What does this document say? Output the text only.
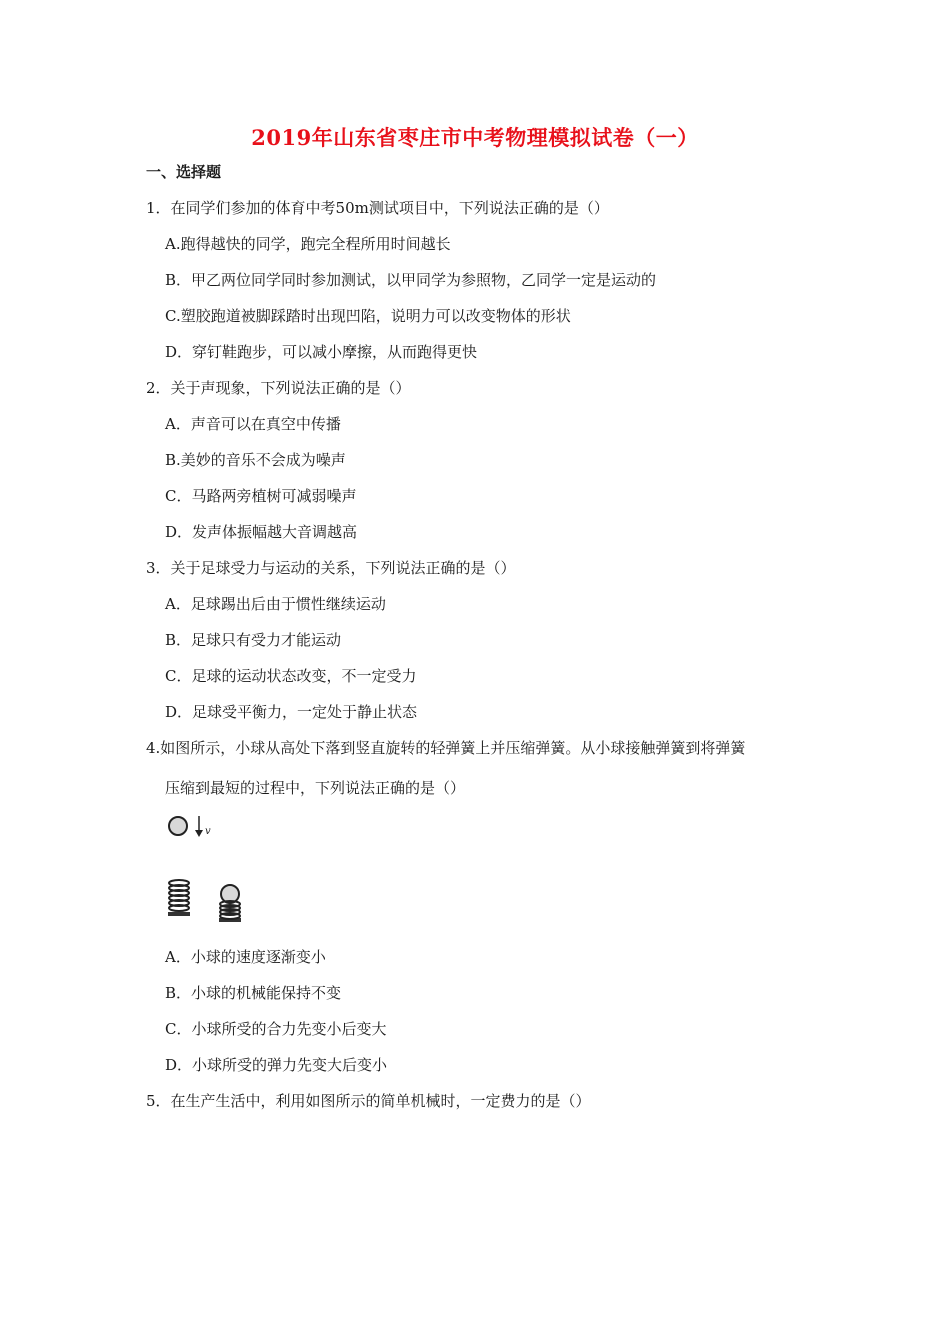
2019年山东省枣庄市中考物理模拟试卷（一）
一、选择题
1．在同学们参加的体育中考50m测试项目中，下列说法正确的是（）
A.跑得越快的同学，跑完全程所用时间越长
B．甲乙两位同学同时参加测试，以甲同学为参照物，乙同学一定是运动的
C.塑胶跑道被脚踩踏时出现凹陷，说明力可以改变物体的形状
D．穿钉鞋跑步，可以减小摩擦，从而跑得更快
2．关于声现象，下列说法正确的是（）
A．声音可以在真空中传播
B.美妙的音乐不会成为噪声
C．马路两旁植树可减弱噪声
D．发声体振幅越大音调越高
3．关于足球受力与运动的关系，下列说法正确的是（）
A．足球踢出后由于惯性继续运动
B．足球只有受力才能运动
C．足球的运动状态改变，不一定受力
D．足球受平衡力，一定处于静止状态
4.如图所示，小球从高处下落到竖直旋转的轻弹簧上并压缩弹簧。从小球接触弹簧到将弹簧
压缩到最短的过程中，下列说法正确的是（）
v
A．小球的速度逐渐变小
B．小球的机械能保持不变
C．小球所受的合力先变小后变大
D．小球所受的弹力先变大后变小
5．在生产生活中，利用如图所示的简单机械时，一定费力的是（）
